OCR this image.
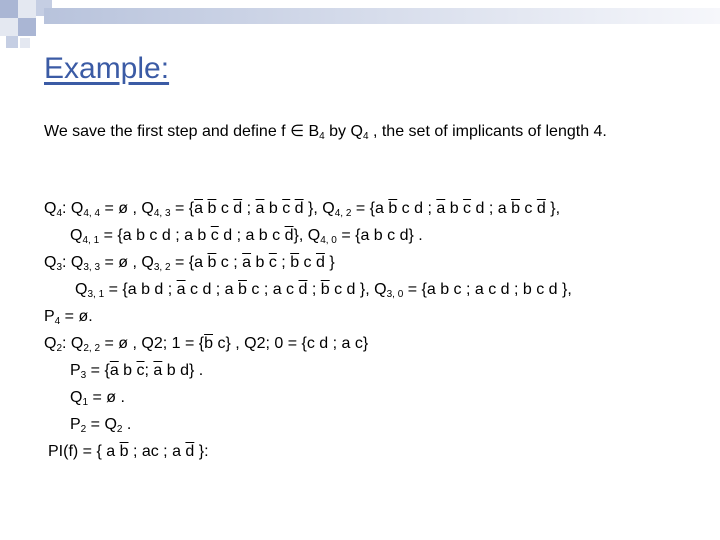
Example:
We save the first step and define f ∈ $B_4$ by $Q_4$ , the set of implicants of length 4.
$Q_4$: $Q_{4, 4}$ = ø , $Q_{4, 3} = \{\overline{a}$ $\overline{b}$ c $\overline{d}$ ; $\overline{a}$ b $\overline{c}$ $\overline{d}$ }, $Q_{4, 2} = \{a$ $\overline{b}$ c d ; $\overline{a}$ b $\overline{c}$ d ; a $\overline{b}$ c $\overline{d}$ },
$Q_{4, 1} = \{a$ b c d ; a b $\overline{c}$ d ; a b c $\overline{d}$}, $Q_{4, 0} = \{a$ b c d} .
$Q_3$: $Q_{3, 3}$ = ø , $Q_{3, 2} = \{a$ $\overline{b}$ c ; $\overline{a}$ b $\overline{c}$ ; $\overline{b}$ c $\overline{d}$ }
$Q_{3, 1} = \{a$ b d ; $\overline{a}$ c d ; a $\overline{b}$ c ; a c $\overline{d}$ ; $\overline{b}$ c d }, $Q_{3, 0} = \{a$ b c ; a c d ; b c d },
$P_4$ = ø.
$Q_2$: $Q_{2, 2}$ = ø , Q2; $1 = \{\overline{b}$ c} , Q2; 0 = {c d ; a c}
$P_3 = \{\overline{a}$ b $\overline{c}$; $\overline{a}$ b d} .
$Q_1$ = ø .
$P_2 = Q_2$ .
PI(f) = { a $\overline{b}$ ; ac ; a $\overline{d}$ }:
